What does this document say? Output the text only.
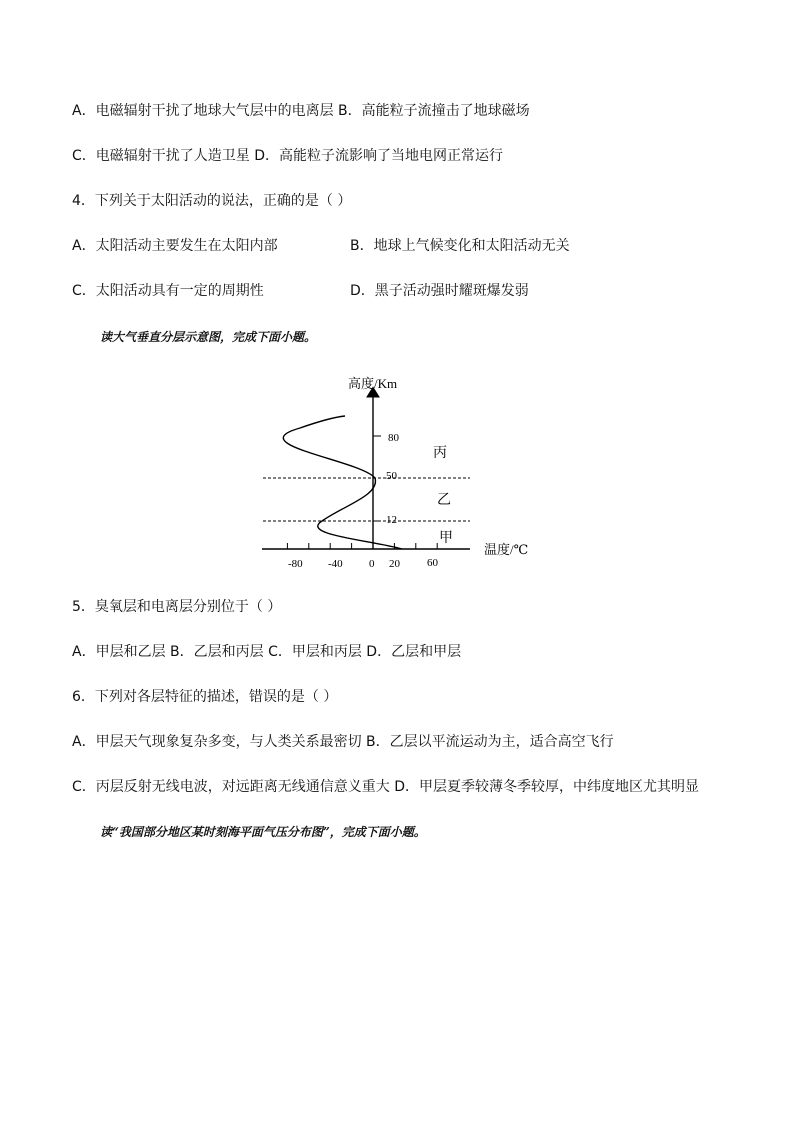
A．电磁辐射干扰了地球大气层中的电离层 B．高能粒子流撞击了地球磁场
C．电磁辐射干扰了人造卫星 D．高能粒子流影响了当地电网正常运行
4．下列关于太阳活动的说法，正确的是（ ）
A．太阳活动主要发生在太阳内部	B．地球上气候变化和太阳活动无关
C．太阳活动具有一定的周期性	D．黑子活动强时耀斑爆发弱
读大气垂直分层示意图，完成下面小题。
高度/Km
温度/℃
80
50
12
-80 -40 0 20 60
丙
乙
甲
5．臭氧层和电离层分别位于（ ）
A．甲层和乙层 B．乙层和丙层 C．甲层和丙层 D．乙层和甲层
6．下列对各层特征的描述，错误的是（ ）
A．甲层天气现象复杂多变，与人类关系最密切 B．乙层以平流运动为主，适合高空飞行
C．丙层反射无线电波，对远距离无线通信意义重大 D．甲层夏季较薄冬季较厚，中纬度地区尤其明显
读“我国部分地区某时刻海平面气压分布图”，完成下面小题。
